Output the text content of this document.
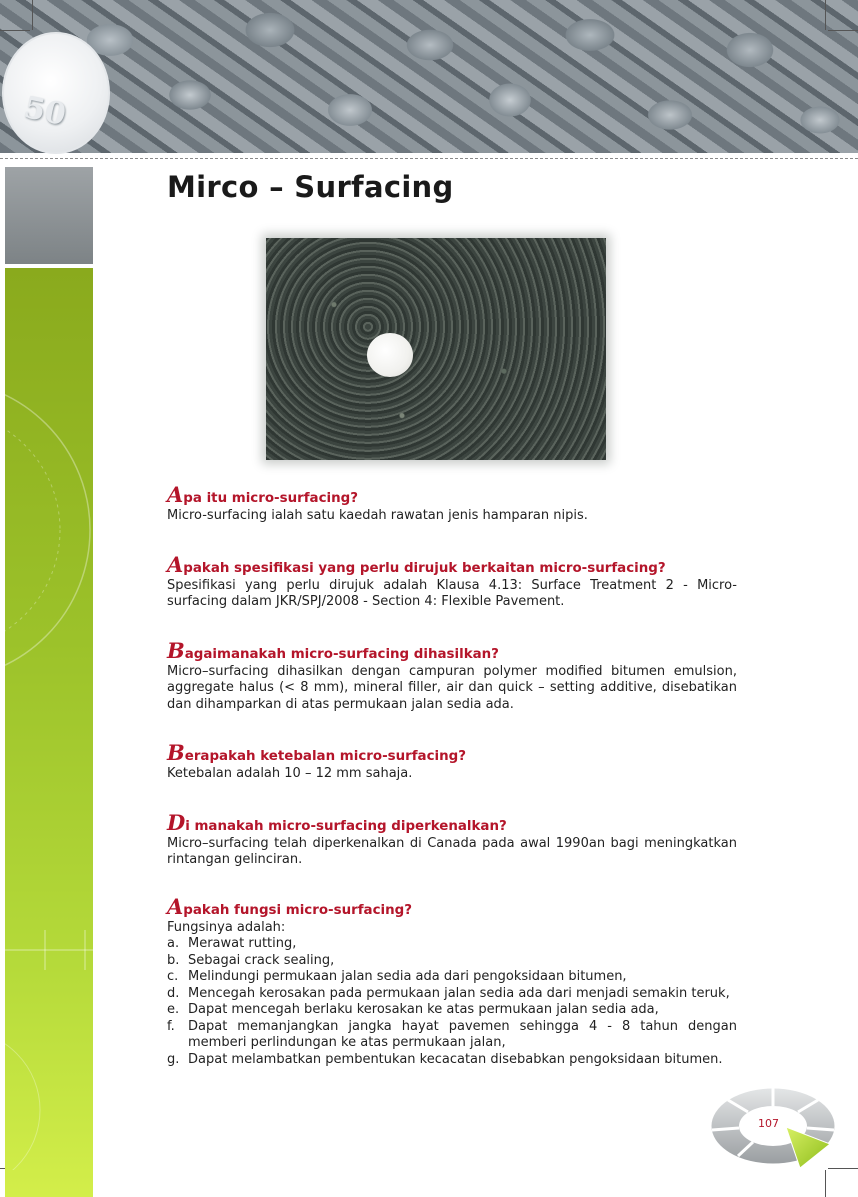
50
Mirco – Surfacing

Apa itu micro-surfacing?

Micro-surfacing ialah satu kaedah rawatan jenis hamparan nipis.

Apakah spesifikasi yang perlu dirujuk berkaitan micro-surfacing?

Spesifikasi yang perlu dirujuk adalah Klausa 4.13: Surface Treatment 2 - Micro-surfacing dalam JKR/SPJ/2008 - Section 4: Flexible Pavement.

Bagaimanakah micro-surfacing dihasilkan?

Micro–surfacing dihasilkan dengan campuran polymer modified bitumen emulsion, aggregate halus (< 8 mm), mineral filler, air dan quick – setting additive, disebatikan dan dihamparkan di atas permukaan jalan sedia ada.

Berapakah ketebalan micro-surfacing?

Ketebalan adalah 10 – 12 mm sahaja.

Di manakah micro-surfacing diperkenalkan?

Micro–surfacing telah diperkenalkan di Canada pada awal 1990an bagi meningkatkan rintangan gelinciran.

Apakah fungsi micro-surfacing?

Fungsinya adalah:

a. Merawat rutting,
b. Sebagai crack sealing,
c. Melindungi permukaan jalan sedia ada dari pengoksidaan bitumen,
d. Mencegah kerosakan pada permukaan jalan sedia ada dari menjadi semakin teruk,
e. Dapat mencegah berlaku kerosakan ke atas permukaan jalan sedia ada,
f. Dapat memanjangkan jangka hayat pavemen sehingga 4 - 8 tahun dengan memberi perlindungan ke atas permukaan jalan,
g. Dapat melambatkan pembentukan kecacatan disebabkan pengoksidaan bitumen.
107
